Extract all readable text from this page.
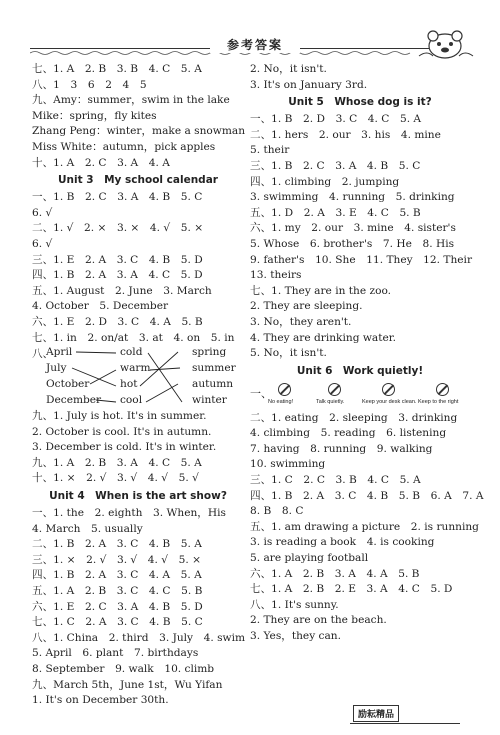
参考答案
七、1. A　2. B　3. B　4. C　5. A
八、1　3　6　2　4　5
九、Amy：summer，swim in the lake
Mike：spring，fly kites
Zhang Peng：winter，make a snowman
Miss White：autumn，pick apples
十、1. A　2. C　3. A　4. A
Unit 3　My school calendar
一、1. B　2. C　3. A　4. B　5. C
6. √
二、1. √　2. ×　3. ×　4. √　5. ×
6. √
三、1. E　2. A　3. C　4. B　5. D
四、1. B　2. A　3. A　4. C　5. D
五、1. August　2. June　3. March
4. October　5. December
六、1. E　2. D　3. C　4. A　5. B
七、1. in　2. on/at　3. at　4. on　5. in
八、
April
July
October
December
cold
warm
hot
cool
spring
summer
autumn
winter
九、1. July is hot. It's in summer.
2. October is cool. It's in autumn.
3. December is cold. It's in winter.
九、1. A　2. B　3. A　4. C　5. A
十、1. ×　2. √　3. √　4. √　5. √
Unit 4　When is the art show?
一、1. the　2. eighth　3. When，His
4. March　5. usually
二、1. B　2. A　3. C　4. B　5. A
三、1. ×　2. √　3. √　4. √　5. ×
四、1. B　2. A　3. C　4. A　5. A
五、1. A　2. B　3. C　4. C　5. B
六、1. E　2. C　3. A　4. B　5. D
七、1. C　2. A　3. C　4. B　5. C
八、1. China　2. third　3. July　4. swim
5. April　6. plant　7. birthdays
8. September　9. walk　10. climb
九、March 5th，June 1st，Wu Yifan
1. It's on December 30th.
2. No，it isn't.
3. It's on January 3rd.
Unit 5　Whose dog is it?
一、1. B　2. D　3. C　4. C　5. A
二、1. hers　2. our　3. his　4. mine
5. their
三、1. B　2. C　3. A　4. B　5. C
四、1. climbing　2. jumping
3. swimming　4. running　5. drinking
五、1. D　2. A　3. E　4. C　5. B
六、1. my　2. our　3. mine　4. sister's
5. Whose　6. brother's　7. He　8. His
9. father's　10. She　11. They　12. Their
13. theirs
七、1. They are in the zoo.
2. They are sleeping.
3. No，they aren't.
4. They are drinking water.
5. No，it isn't.
Unit 6　Work quietly!
一、
No eating!	Talk quietly.	Keep your desk clean. Keep to the right
二、1. eating　2. sleeping　3. drinking
4. climbing　5. reading　6. listening
7. having　8. running　9. walking
10. swimming
三、1. C　2. C　3. B　4. C　5. A
四、1. B　2. A　3. C　4. B　5. B　6. A　7. A
8. B　8. C
五、1. am drawing a picture　2. is running
3. is reading a book　4. is cooking
5. are playing football
六、1. A　2. B　3. A　4. A　5. B
七、1. A　2. B　2. E　3. A　4. C　5. D
八、1. It's sunny.
2. They are on the beach.
3. Yes，they can.
励耘精品
